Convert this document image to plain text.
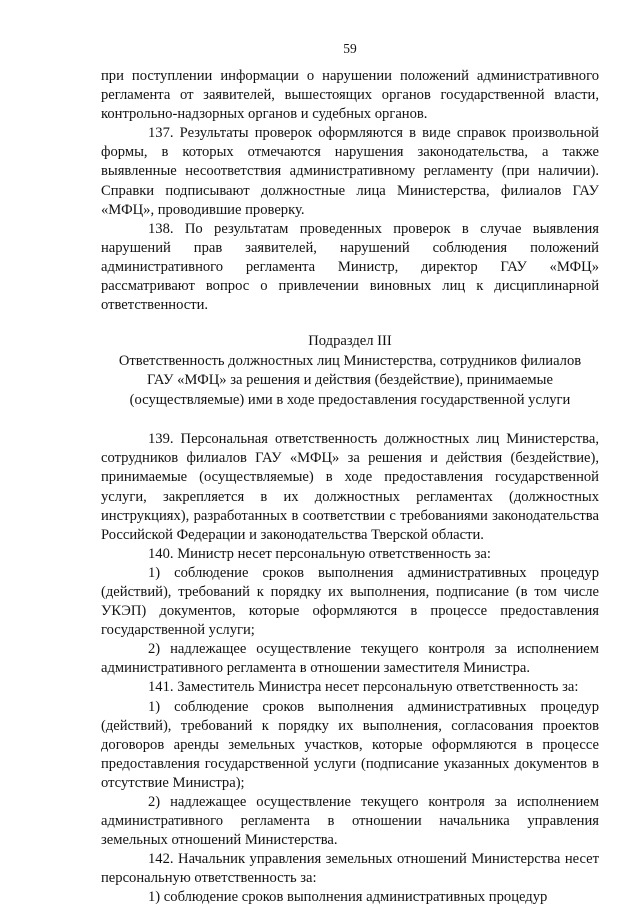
59

при поступлении информации о нарушении положений административного регламента от заявителей, вышестоящих органов государственной власти, контрольно-надзорных органов и судебных органов.

137. Результаты проверок оформляются в виде справок произвольной формы, в которых отмечаются нарушения законодательства, а также выявленные несоответствия административному регламенту (при наличии). Справки подписывают должностные лица Министерства, филиалов ГАУ «МФЦ», проводившие проверку.

138. По результатам проведенных проверок в случае выявления нарушений прав заявителей, нарушений соблюдения положений административного регламента Министр, директор ГАУ «МФЦ» рассматривают вопрос о привлечении виновных лиц к дисциплинарной ответственности.

Подраздел III

Ответственность должностных лиц Министерства, сотрудников филиалов

ГАУ «МФЦ» за решения и действия (бездействие), принимаемые

(осуществляемые) ими в ходе предоставления государственной услуги

139. Персональная ответственность должностных лиц Министерства, сотрудников филиалов ГАУ «МФЦ» за решения и действия (бездействие), принимаемые (осуществляемые) в ходе предоставления государственной услуги, закрепляется в их должностных регламентах (должностных инструкциях), разработанных в соответствии с требованиями законодательства Российской Федерации и законодательства Тверской области.

140. Министр несет персональную ответственность за:

1) соблюдение сроков выполнения административных процедур (действий), требований к порядку их выполнения, подписание (в том числе УКЭП) документов, которые оформляются в процессе предоставления государственной услуги;

2) надлежащее осуществление текущего контроля за исполнением административного регламента в отношении заместителя Министра.

141. Заместитель Министра несет персональную ответственность за:

1) соблюдение сроков выполнения административных процедур (действий), требований к порядку их выполнения, согласования проектов договоров аренды земельных участков, которые оформляются в процессе предоставления государственной услуги (подписание указанных документов в отсутствие Министра);

2) надлежащее осуществление текущего контроля за исполнением административного регламента в отношении начальника управления земельных отношений Министерства.

142. Начальник управления земельных отношений Министерства несет персональную ответственность за:

1) соблюдение сроков выполнения административных процедур
